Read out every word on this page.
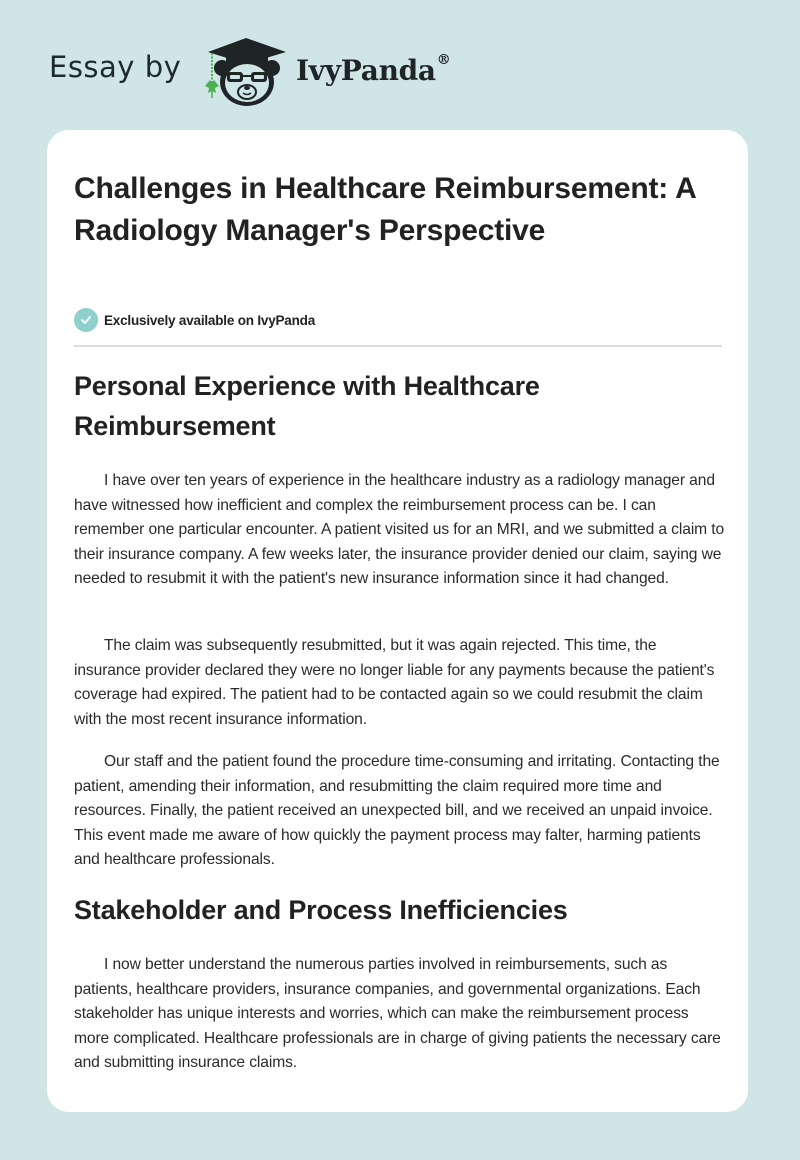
Essay by	IvyPanda®
Challenges in Healthcare Reimbursement: A Radiology Manager's Perspective
Exclusively available on IvyPanda
Personal Experience with Healthcare Reimbursement

I have over ten years of experience in the healthcare industry as a radiology manager and have witnessed how inefficient and complex the reimbursement process can be. I can remember one particular encounter. A patient visited us for an MRI, and we submitted a claim to their insurance company. A few weeks later, the insurance provider denied our claim, saying we needed to resubmit it with the patient's new insurance information since it had changed.

The claim was subsequently resubmitted, but it was again rejected. This time, the insurance provider declared they were no longer liable for any payments because the patient's coverage had expired. The patient had to be contacted again so we could resubmit the claim with the most recent insurance information.

Our staff and the patient found the procedure time-consuming and irritating. Contacting the patient, amending their information, and resubmitting the claim required more time and resources. Finally, the patient received an unexpected bill, and we received an unpaid invoice. This event made me aware of how quickly the payment process may falter, harming patients and healthcare professionals.

Stakeholder and Process Inefficiencies

I now better understand the numerous parties involved in reimbursements, such as patients, healthcare providers, insurance companies, and governmental organizations. Each stakeholder has unique interests and worries, which can make the reimbursement process more complicated. Healthcare professionals are in charge of giving patients the necessary care and submitting insurance claims.
